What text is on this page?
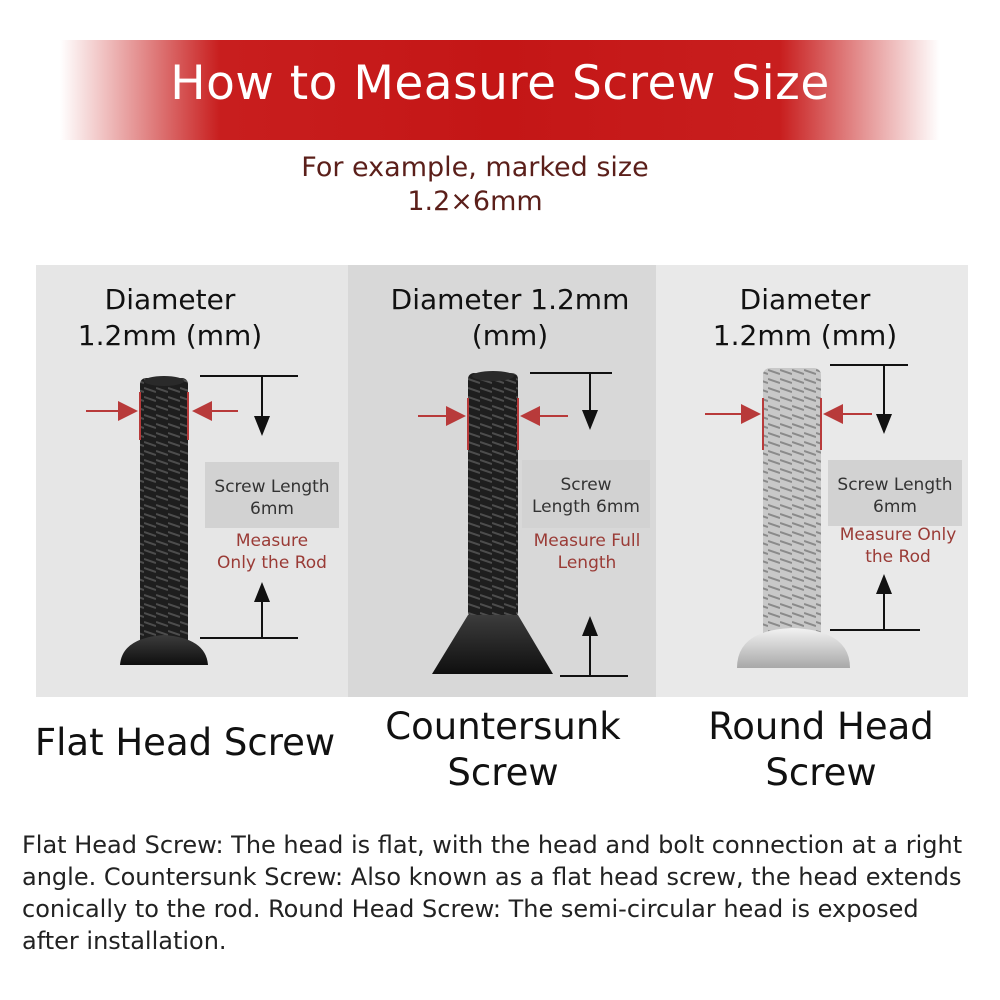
How to Measure Screw Size
For example, marked size
1.2×6mm
Diameter
1.2mm (mm)
Diameter 1.2mm
(mm)
Diameter
1.2mm (mm)
Screw Length
6mm
Screw
Length 6mm
Screw Length
6mm
Measure
Only the Rod
Measure Full
Length
Measure Only
the Rod
Flat Head Screw	Countersunk
Screw
Round Head
Screw
Flat Head Screw: The head is flat, with the head and bolt connection at a right angle. Countersunk Screw: Also known as a flat head screw, the head extends conically to the rod. Round Head Screw: The semi-circular head is exposed after installation.
